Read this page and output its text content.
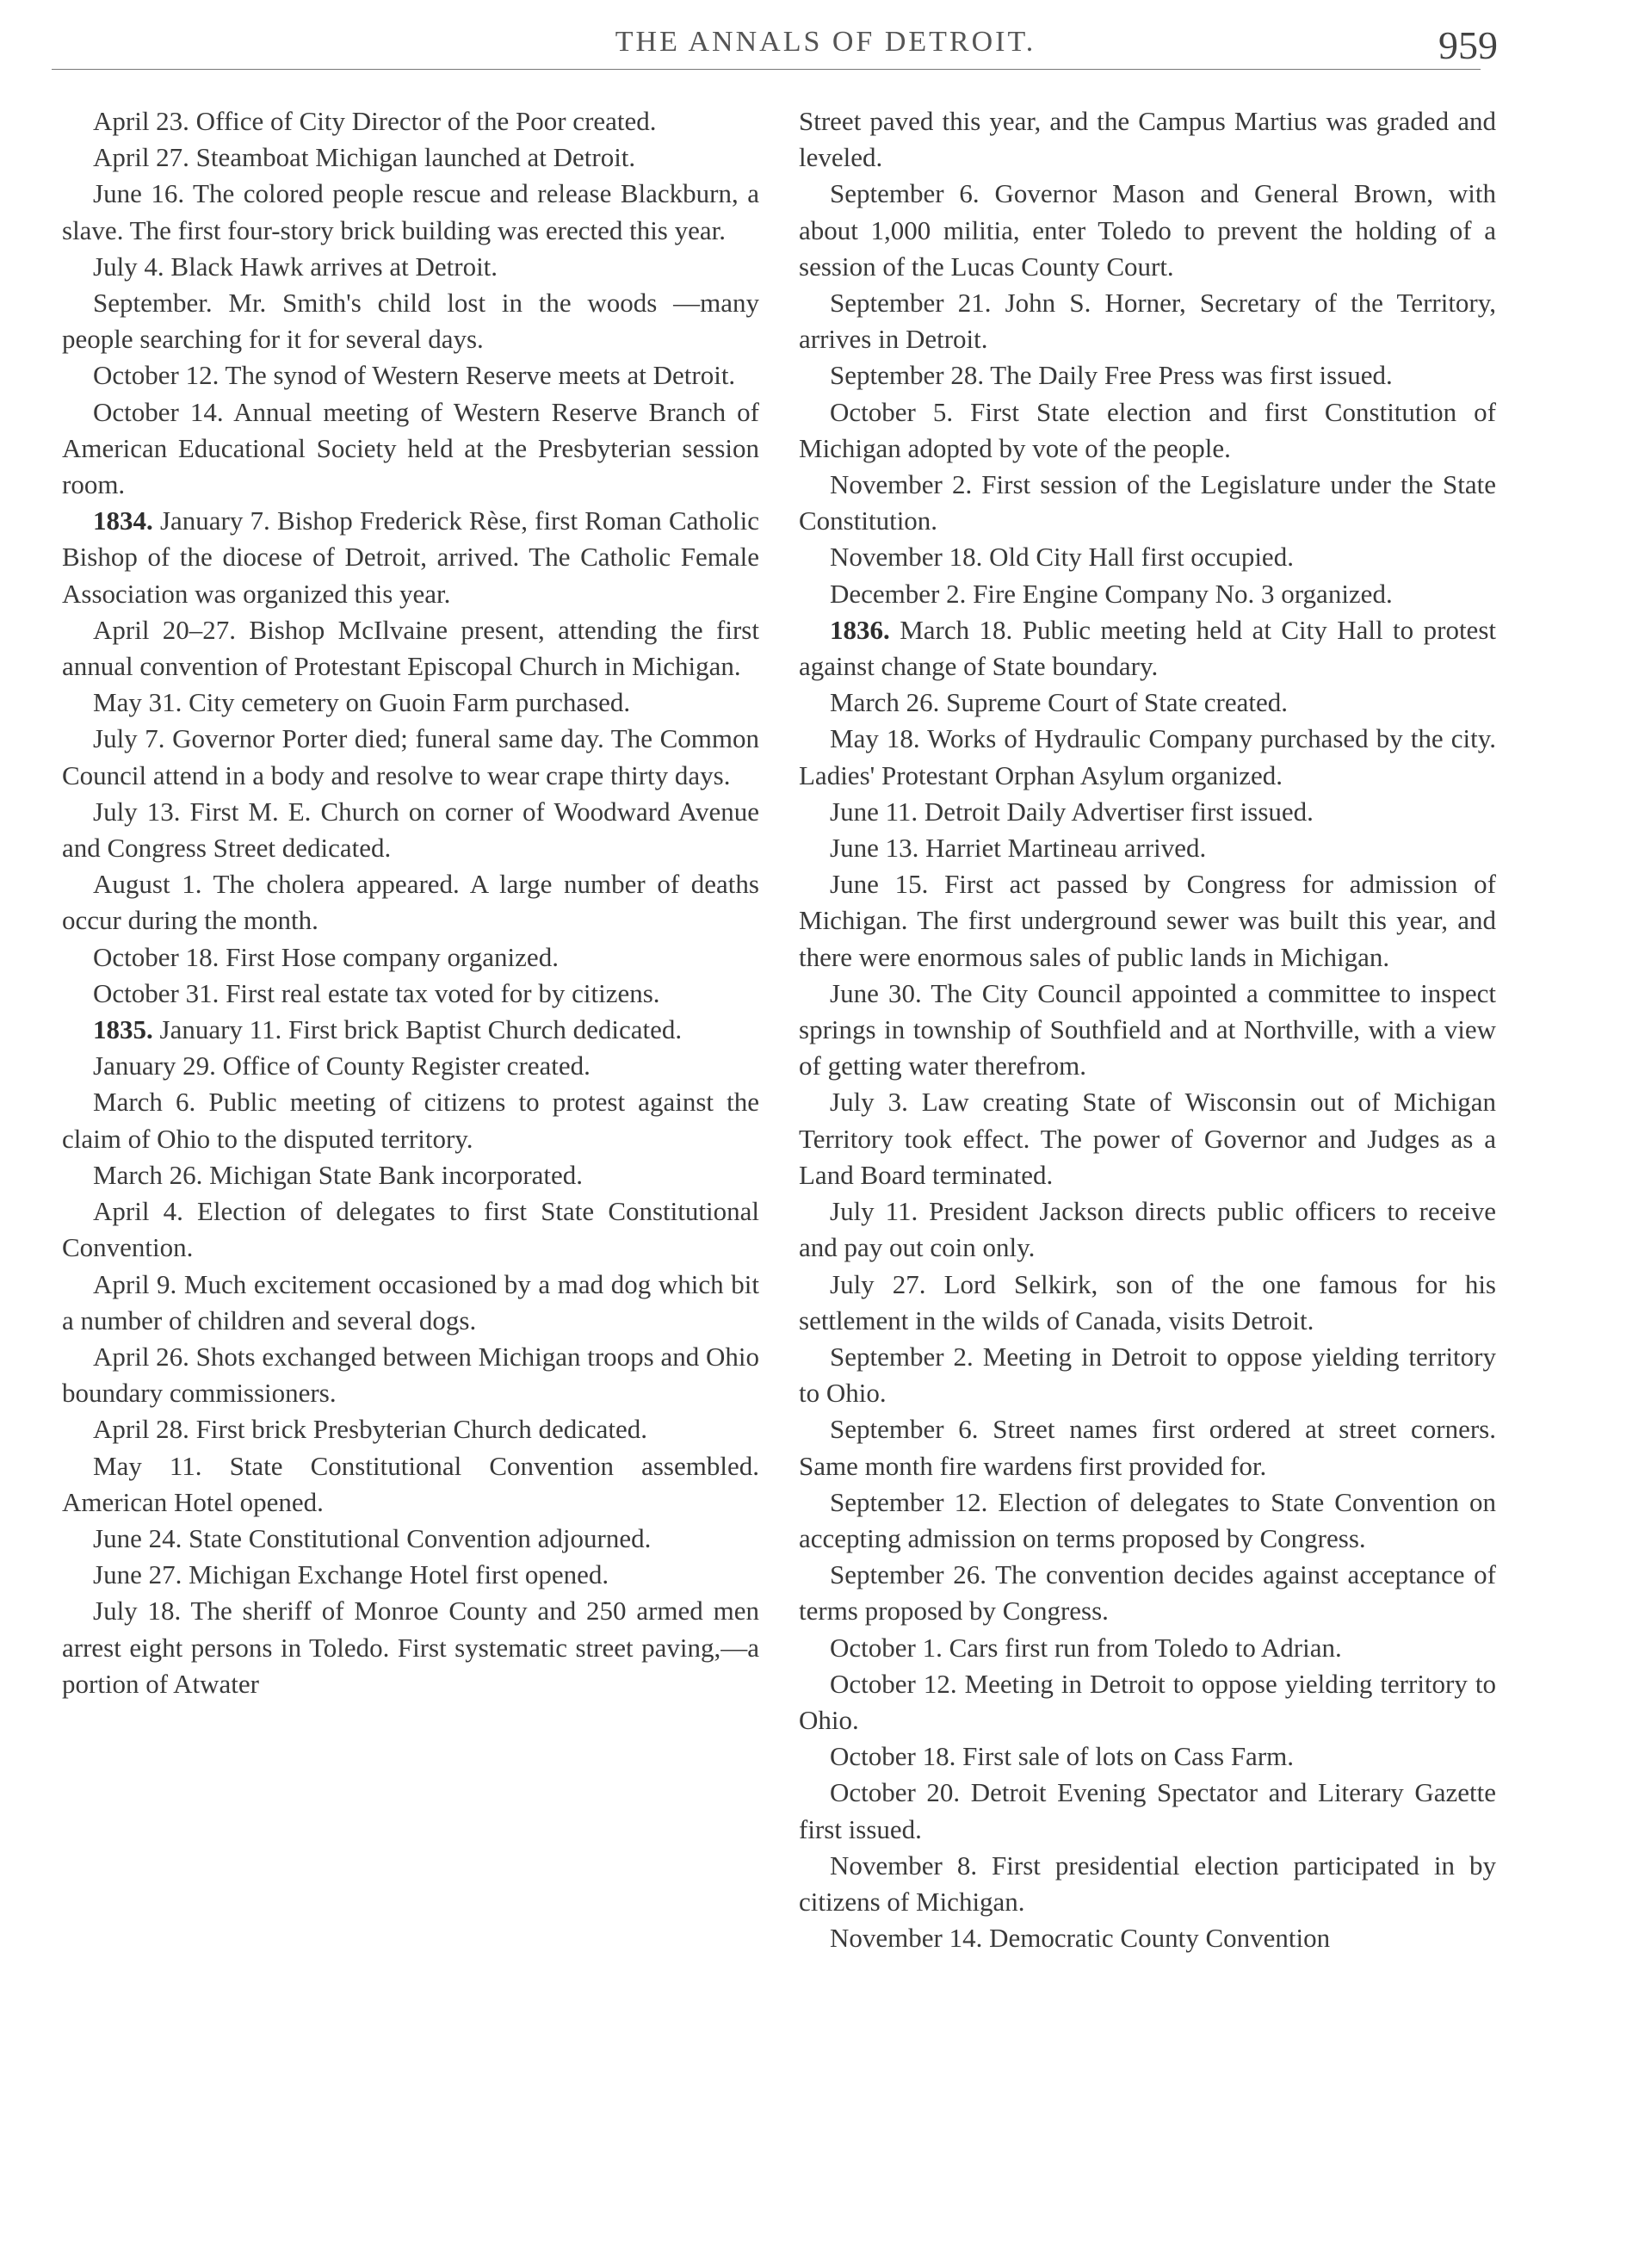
THE ANNALS OF DETROIT.	959

April 23. Office of City Director of the Poor created.

April 27. Steamboat Michigan launched at Detroit.

June 16. The colored people rescue and release Blackburn, a slave. The first four-story brick building was erected this year.

July 4. Black Hawk arrives at Detroit.

September. Mr. Smith's child lost in the woods —many people searching for it for several days.

October 12. The synod of Western Reserve meets at Detroit.

October 14. Annual meeting of Western Reserve Branch of American Educational Society held at the Presbyterian session room.

1834. January 7. Bishop Frederick Rèse, first Roman Catholic Bishop of the diocese of Detroit, arrived. The Catholic Female Association was organized this year.

April 20–27. Bishop McIlvaine present, attending the first annual convention of Protestant Episcopal Church in Michigan.

May 31. City cemetery on Guoin Farm purchased.

July 7. Governor Porter died; funeral same day. The Common Council attend in a body and resolve to wear crape thirty days.

July 13. First M. E. Church on corner of Woodward Avenue and Congress Street dedicated.

August 1. The cholera appeared. A large number of deaths occur during the month.

October 18. First Hose company organized.

October 31. First real estate tax voted for by citizens.

1835. January 11. First brick Baptist Church dedicated.

January 29. Office of County Register created.

March 6. Public meeting of citizens to protest against the claim of Ohio to the disputed territory.

March 26. Michigan State Bank incorporated.

April 4. Election of delegates to first State Constitutional Convention.

April 9. Much excitement occasioned by a mad dog which bit a number of children and several dogs.

April 26. Shots exchanged between Michigan troops and Ohio boundary commissioners.

April 28. First brick Presbyterian Church dedicated.

May 11. State Constitutional Convention assembled. American Hotel opened.

June 24. State Constitutional Convention adjourned.

June 27. Michigan Exchange Hotel first opened.

July 18. The sheriff of Monroe County and 250 armed men arrest eight persons in Toledo. First systematic street paving,—a portion of Atwater

Street paved this year, and the Campus Martius was graded and leveled.

September 6. Governor Mason and General Brown, with about 1,000 militia, enter Toledo to prevent the holding of a session of the Lucas County Court.

September 21. John S. Horner, Secretary of the Territory, arrives in Detroit.

September 28. The Daily Free Press was first issued.

October 5. First State election and first Constitution of Michigan adopted by vote of the people.

November 2. First session of the Legislature under the State Constitution.

November 18. Old City Hall first occupied.

December 2. Fire Engine Company No. 3 organized.

1836. March 18. Public meeting held at City Hall to protest against change of State boundary.

March 26. Supreme Court of State created.

May 18. Works of Hydraulic Company purchased by the city. Ladies' Protestant Orphan Asylum organized.

June 11. Detroit Daily Advertiser first issued.

June 13. Harriet Martineau arrived.

June 15. First act passed by Congress for admission of Michigan. The first underground sewer was built this year, and there were enormous sales of public lands in Michigan.

June 30. The City Council appointed a committee to inspect springs in township of Southfield and at Northville, with a view of getting water therefrom.

July 3. Law creating State of Wisconsin out of Michigan Territory took effect. The power of Governor and Judges as a Land Board terminated.

July 11. President Jackson directs public officers to receive and pay out coin only.

July 27. Lord Selkirk, son of the one famous for his settlement in the wilds of Canada, visits Detroit.

September 2. Meeting in Detroit to oppose yielding territory to Ohio.

September 6. Street names first ordered at street corners. Same month fire wardens first provided for.

September 12. Election of delegates to State Convention on accepting admission on terms proposed by Congress.

September 26. The convention decides against acceptance of terms proposed by Congress.

October 1. Cars first run from Toledo to Adrian.

October 12. Meeting in Detroit to oppose yielding territory to Ohio.

October 18. First sale of lots on Cass Farm.

October 20. Detroit Evening Spectator and Literary Gazette first issued.

November 8. First presidential election participated in by citizens of Michigan.

November 14. Democratic County Convention
